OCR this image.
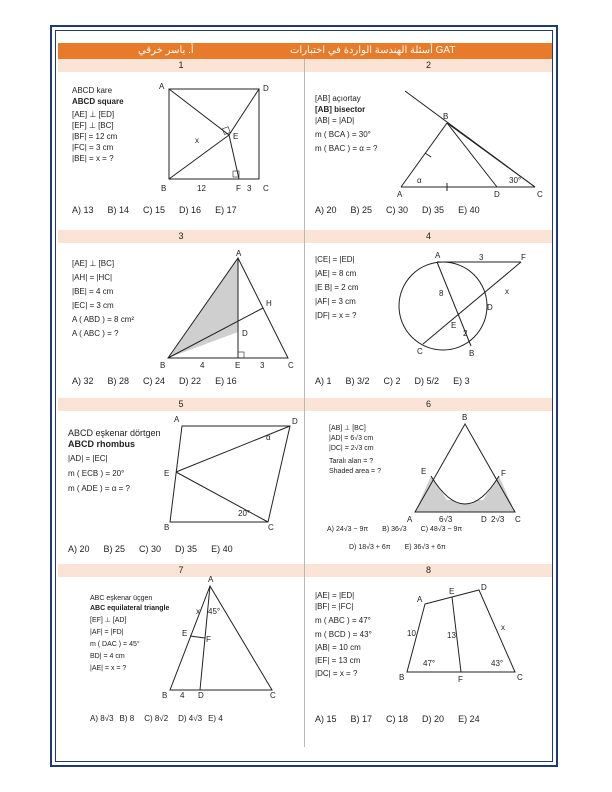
أ. ياسر خرقي	أسئلة الهندسة الواردة في اختبارات GAT
1
ABCD kare
ABCD square
[AE] ⊥ [ED]
[EF] ⊥ [BC]
|BF| = 12 cm
|FC| = 3 cm
|BE| = x = ?
A	D
E
B	F	C
x
12	3
A) 13 B) 14 C) 15 D) 16 E) 17
2
[AB] açıortay
[AB] bisector
|AB| = |AD|
m ( BCA ) = 30°
m ( BAC ) = α = ?
A
B
D	C
α	30°
A) 20 B) 25 C) 30 D) 35 E) 40
3
[AE] ⊥ [BC]
|AH| = |HC|
|BE| = 4 cm
|EC| = 3 cm
A ( ABD ) = 8 cm²
A ( ABC ) = ?
A
B	E	C
D
H
4	3
A) 32 B) 28 C) 24 D) 22 E) 16
4
|CE| = |ED|
|AE| = 8 cm
|E B| = 2 cm
|AF| = 3 cm
|DF| = x = ?
A	F
3
x
D
8
E
2
C	B
A) 1 B) 3/2 C) 2 D) 5/2 E) 3
5
ABCD eşkenar dörtgen
ABCD rhombus
|AD| = |EC|
m ( ECB ) = 20°
m ( ADE ) = α = ?
A	D
E
B	C
α
20°
A) 20 B) 25 C) 30 D) 35 E) 40
6
[AB] ⊥ [BC]
|AD| = 6√3 cm
|DC| = 2√3 cm
Taralı alan = ?
Shaded area = ?
B
E	F
A	D	C
6√3	2√3
A) 24√3 − 9π B) 36√3 C) 48√3 − 9π
D) 18√3 + 6π E) 36√3 + 6π
7
ABC eşkenar üçgen
ABC equilateral triangle
[EF] ⊥ [AD]
|AF| = |FD|
m ( DAC ) = 45°
BD| = 4 cm
|AE| = x = ?
A
x 45°
E
F
B 4 D	C
A) 8√3 B) 8 C) 8√2 D) 4√3 E) 4
8
|AE| = |ED|
|BF| = |FC|
m ( ABC ) = 47°
m ( BCD ) = 43°
|AB| = 10 cm
|EF| = 13 cm
|DC| = x = ?
A
E	D
10	13
x
47°	43°
B	F	C
A) 15 B) 17 C) 18 D) 20 E) 24
